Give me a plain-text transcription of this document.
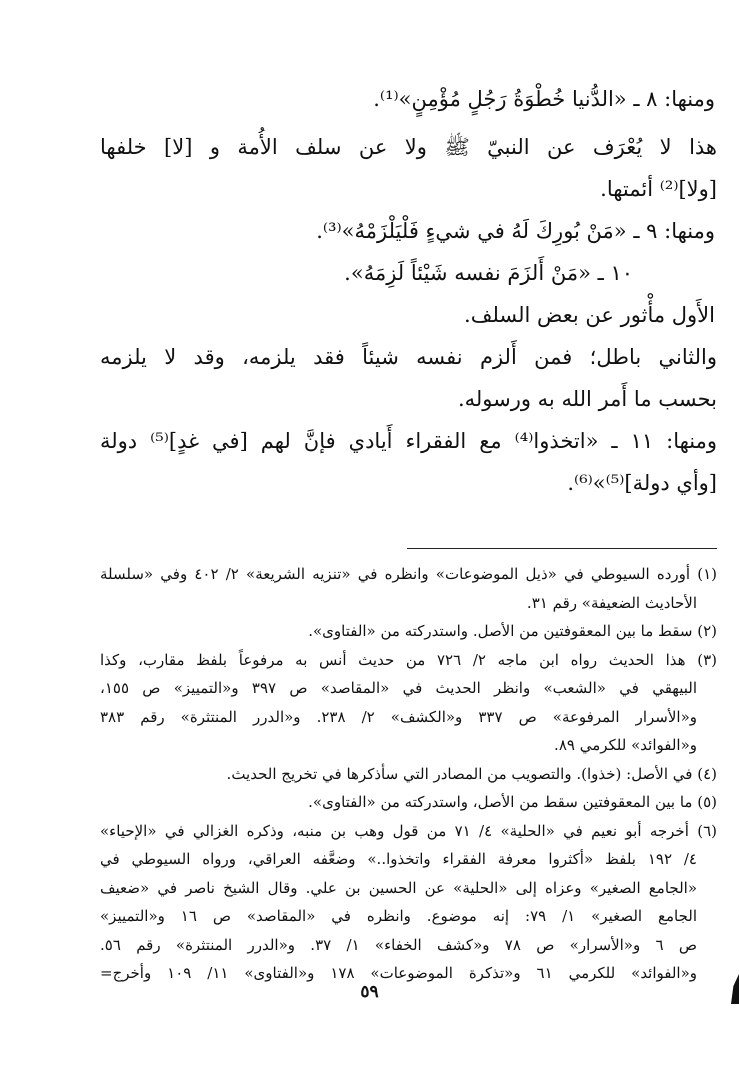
ومنها: ٨ ـ «الدُّنيا خُطْوَةُ رَجُلٍ مُؤْمِنٍ»⁽¹⁾.
هذا لا يُعْرَف عن النبيّ ﷺ ولا عن سلف الأُمة و [لا] خلفها
[ولا]⁽²⁾ أئمتها.
ومنها: ٩ ـ «مَنْ بُورِكَ لَهُ في شيءٍ فَلْيَلْزَمْهُ»⁽³⁾.
١٠ ـ «مَنْ أَلزَمَ نفسه شَيْئاً لَزِمَهُ».
الأَول مأْثور عن بعض السلف.
والثاني باطل؛ فمن أَلزم نفسه شيئاً فقد يلزمه، وقد لا يلزمه
بحسب ما أَمر الله به ورسوله.
ومنها: ١١ ـ «اتخذوا⁽⁴⁾ مع الفقراء أَيادي فإنَّ لهم [في غدٍ]⁽⁵⁾ دولة
[وأي دولة]⁽⁵⁾»⁽⁶⁾.
(١) أورده السيوطي في «ذيل الموضوعات» وانظره في «تنزيه الشريعة» ٢/ ٤٠٢ وفي «سلسلة
الأحاديث الضعيفة» رقم ٣١.
(٢) سقط ما بين المعقوفتين من الأصل. واستدركته من «الفتاوى».
(٣) هذا الحديث رواه ابن ماجه ٢/ ٧٢٦ من حديث أنس به مرفوعاً بلفظ مقارب، وكذا
البيهقي في «الشعب» وانظر الحديث في «المقاصد» ص ٣٩٧ و«التمييز» ص ١٥٥،
و«الأسرار المرفوعة» ص ٣٣٧ و«الكشف» ٢/ ٢٣٨. و«الدرر المنتثرة» رقم ٣٨٣
و«الفوائد» للكرمي ٨٩.
(٤) في الأصل: (خذوا). والتصويب من المصادر التي سأذكرها في تخريج الحديث.
(٥) ما بين المعقوفتين سقط من الأصل، واستدركته من «الفتاوى».
(٦) أخرجه أبو نعيم في «الحلية» ٤/ ٧١ من قول وهب بن منبه، وذكره الغزالي في «الإحياء»
٤/ ١٩٢ بلفظ «أكثروا معرفة الفقراء واتخذوا..» وضعَّفه العراقي، ورواه السيوطي في
«الجامع الصغير» وعزاه إلى «الحلية» عن الحسين بن علي. وقال الشيخ ناصر في «ضعيف
الجامع الصغير» ١/ ٧٩: إنه موضوع. وانظره في «المقاصد» ص ١٦ و«التمييز»
ص ٦ و«الأسرار» ص ٧٨ و«كشف الخفاء» ١/ ٣٧. و«الدرر المنتثرة» رقم ٥٦.
و«الفوائد» للكرمي ٦١ و«تذكرة الموضوعات» ١٧٨ و«الفتاوى» ١١/ ١٠٩ وأخرج=
٥٩
